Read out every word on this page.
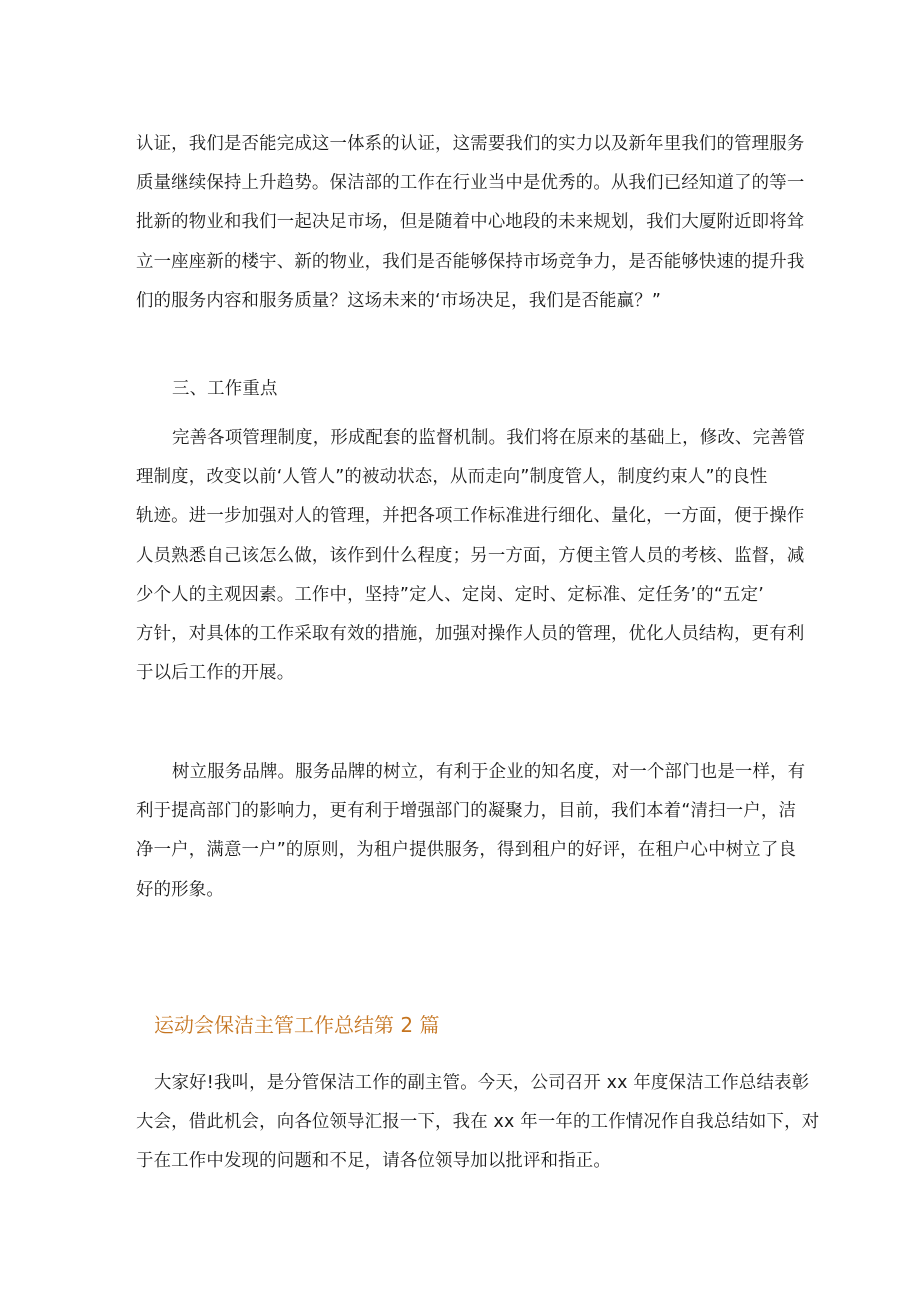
认证，我们是否能完成这一体系的认证，这需要我们的实力以及新年里我们的管理服务
质量继续保持上升趋势。保洁部的工作在行业当中是优秀的。从我们已经知道了的等一
批新的物业和我们一起决足市场，但是随着中心地段的未来规划，我们大厦附近即将耸
立一座座新的楼宇、新的物业，我们是否能够保持市场竞争力，是否能够快速的提升我
们的服务内容和服务质量？这场未来的‘市场决足，我们是否能赢？”
三、工作重点
完善各项管理制度，形成配套的监督机制。我们将在原来的基础上，修改、完善管
理制度，改变以前‘人管人”的被动状态，从而走向”制度管人，制度约束人”的良性
轨迹。进一步加强对人的管理，并把各项工作标准进行细化、量化，一方面，便于操作
人员熟悉自己该怎么做，该作到什么程度；另一方面，方便主管人员的考核、监督，减
少个人的主观因素。工作中，坚持”定人、定岗、定时、定标准、定任务’的“五定’
方针，对具体的工作采取有效的措施，加强对操作人员的管理，优化人员结构，更有利
于以后工作的开展。
树立服务品牌。服务品牌的树立，有利于企业的知名度，对一个部门也是一样，有
利于提高部门的影响力，更有利于增强部门的凝聚力，目前，我们本着“清扫一户，洁
净一户，满意一户”的原则，为租户提供服务，得到租户的好评，在租户心中树立了良
好的形象。
运动会保洁主管工作总结第 2 篇
大家好!我叫，是分管保洁工作的副主管。今天，公司召开 xx 年度保洁工作总结表彰
大会，借此机会，向各位领导汇报一下，我在 xx 年一年的工作情况作自我总结如下，对
于在工作中发现的问题和不足，请各位领导加以批评和指正。
